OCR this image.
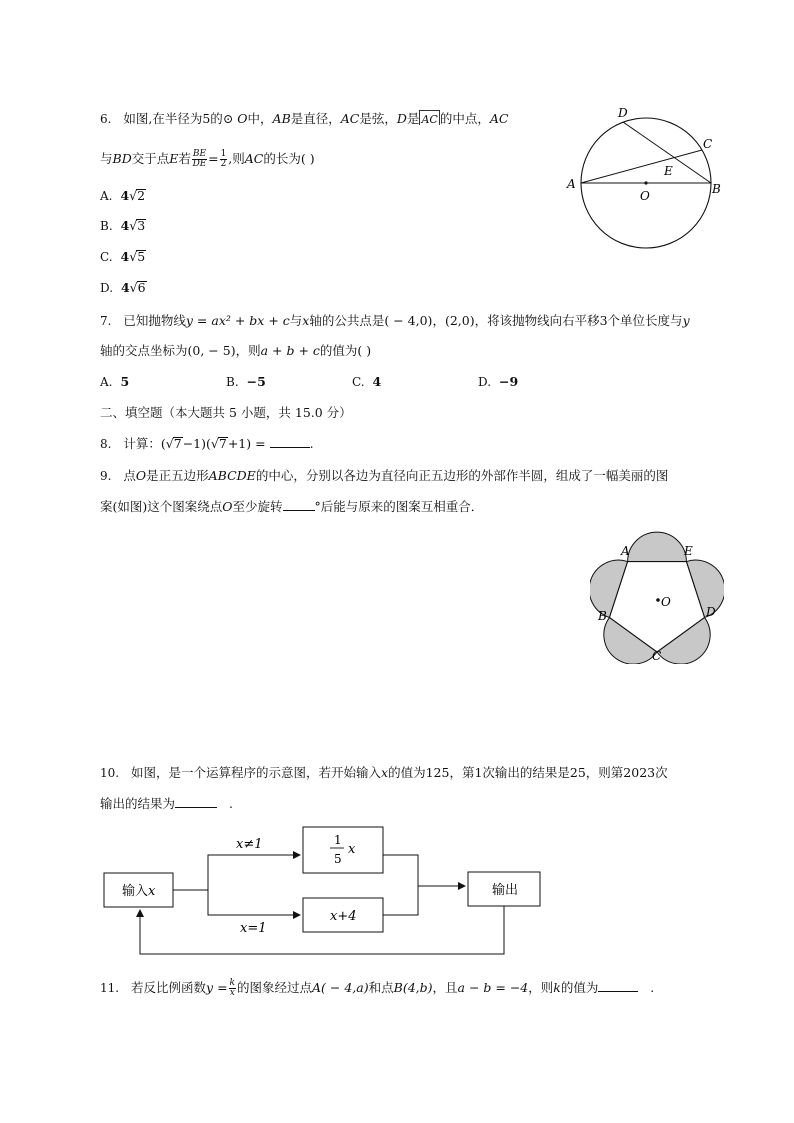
6. 如图,在半径为5的⊙ O中，AB是直径，AC是弦，D是 AC 的中点，AC
与BD交于点E若 $\frac{BE}{DE} = \frac{1}{2}$ ,则AC的长为( )
A. 4√2
B. 4√3
C. 4√5
D. 4√6
A	B
C
D
E
O
7. 已知抛物线y = ax² + bx + c与x轴的公共点是( − 4,0)，(2,0)，将该抛物线向右平移3个单位长度与y
轴的交点坐标为(0, − 5)，则a + b + c的值为( )
A. 5	B. −5	C. 4	D. −9
二、填空题（本大题共 5 小题，共 15.0 分）
8. 计算：(√7−1)(√7+1) =	.
9. 点O是正五边形ABCDE的中心，分别以各边为直径向正五边形的外部作半圆，组成了一幅美丽的图
案(如图)这个图案绕点O至少旋转	°后能与原来的图案互相重合．
A	E
B	D
C
O
10. 如图，是一个运算程序的示意图，若开始输入x的值为125，第1次输出的结果是25，则第2023次
输出的结果为	.
输入x
x≠1
x=1
1
5
x
x+4
输出
11. 若反比例函数$y = \frac{k}{x}$ 的图象经过点A( − 4,a)和点B(4,b)，且a − b = −4，则k的值为	.
